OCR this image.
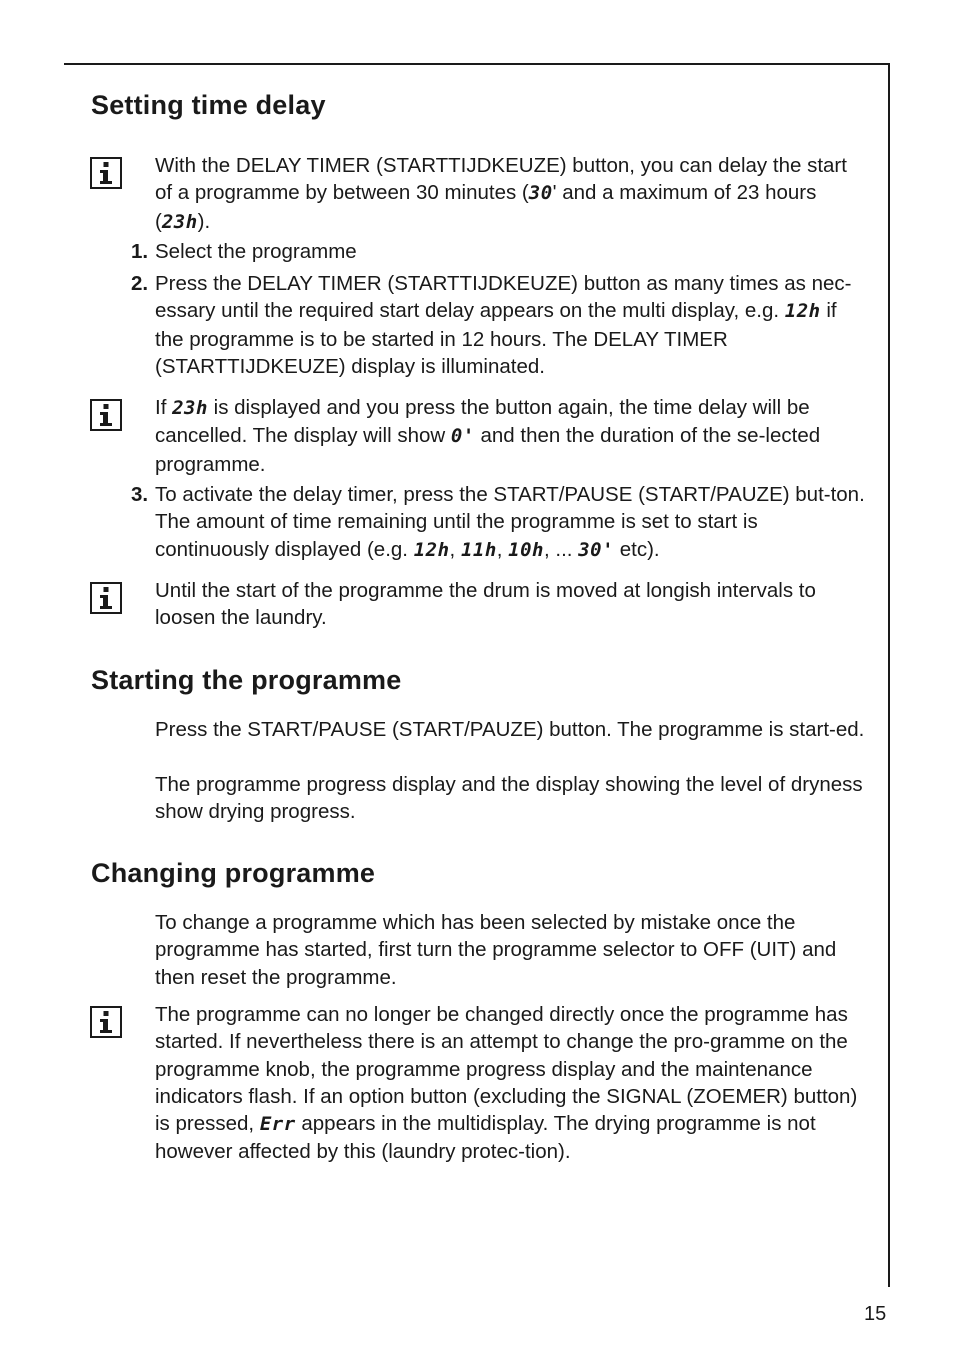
Setting time delay

With the DELAY TIMER (STARTTIJDKEUZE) button, you can delay the start of a programme by between 30 minutes (30' and a maximum of 23 hours (23h).

1. Select the programme

2. Press the DELAY TIMER (STARTTIJDKEUZE) button as many times as nec-essary until the required start delay appears on the multi display, e.g. 12h if the programme is to be started in 12 hours. The DELAY TIMER (STARTTIJDKEUZE) display is illuminated.

If 23h is displayed and you press the button again, the time delay will be cancelled. The display will show 0' and then the duration of the se-lected programme.

3. To activate the delay timer, press the START/PAUSE (START/PAUZE) but-ton. The amount of time remaining until the programme is set to start is continuously displayed (e.g. 12h, 11h, 10h, ... 30' etc).

Until the start of the programme the drum is moved at longish intervals to loosen the laundry.

Starting the programme

Press the START/PAUSE (START/PAUZE) button. The programme is start-ed.

The programme progress display and the display showing the level of dryness show drying progress.

Changing programme

To change a programme which has been selected by mistake once the programme has started, first turn the programme selector to OFF (UIT) and then reset the programme.

The programme can no longer be changed directly once the programme has started. If nevertheless there is an attempt to change the pro-gramme on the programme knob, the programme progress display and the maintenance indicators flash. If an option button (excluding the SIGNAL (ZOEMER) button) is pressed, Err appears in the multidisplay. The drying programme is not however affected by this (laundry protec-tion).

15
